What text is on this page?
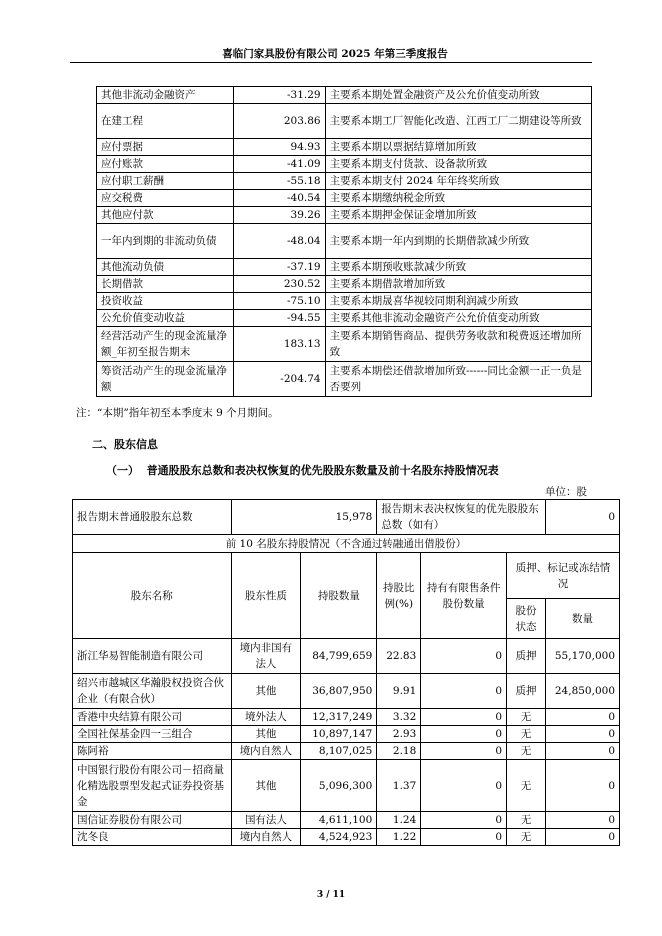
喜临门家具股份有限公司 2025 年第三季度报告
其他非流动金融资产	-31.29	主要系本期处置金融资产及公允价值变动所致
在建工程	203.86	主要系本期工厂智能化改造、江西工厂二期建设等所致
应付票据	94.93	主要系本期以票据结算增加所致
应付账款	-41.09	主要系本期支付货款、设备款所致
应付职工薪酬	-55.18	主要系本期支付 2024 年年终奖所致
应交税费	-40.54	主要系本期缴纳税金所致
其他应付款	39.26	主要系本期押金保证金增加所致
一年内到期的非流动负债	-48.04	主要系本期一年内到期的长期借款减少所致
其他流动负债	-37.19	主要系本期预收账款减少所致
长期借款	230.52	主要系本期借款增加所致
投资收益	-75.10	主要系本期晟喜华视较同期利润减少所致
公允价值变动收益	-94.55	主要系其他非流动金融资产公允价值变动所致
经营活动产生的现金流量净额_年初至报告期末	183.13	主要系本期销售商品、提供劳务收款和税费返还增加所致
筹资活动产生的现金流量净额	-204.74	主要系本期偿还借款增加所致------同比金额一正一负是否要列
注：“本期”指年初至本季度末 9 个月期间。
二、股东信息
（一） 普通股股东总数和表决权恢复的优先股股东数量及前十名股东持股情况表
单位：股
报告期末普通股股东总数	15,978		报告期末表决权恢复的优先股股东总数（如有）			0
前 10 名股东持股情况（不含通过转融通出借股份）						
股东名称	股东性质	持股数量	持股比例(%)	持有有限售条件股份数量	质押、标记或冻结情况	
					股份状态	数量
浙江华易智能制造有限公司	境内非国有法人	84,799,659	22.83	0	质押	55,170,000
绍兴市越城区华瀚股权投资合伙企业（有限合伙）	其他	36,807,950	9.91	0	质押	24,850,000
香港中央结算有限公司	境外法人	12,317,249	3.32	0	无	0
全国社保基金四一三组合	其他	10,897,147	2.93	0	无	0
陈阿裕	境内自然人	8,107,025	2.18	0	无	0
中国银行股份有限公司－招商量化精选股票型发起式证券投资基金	其他	5,096,300	1.37	0	无	0
国信证券股份有限公司	国有法人	4,611,100	1.24	0	无	0
沈冬良	境内自然人	4,524,923	1.22	0	无	0
3 / 11
